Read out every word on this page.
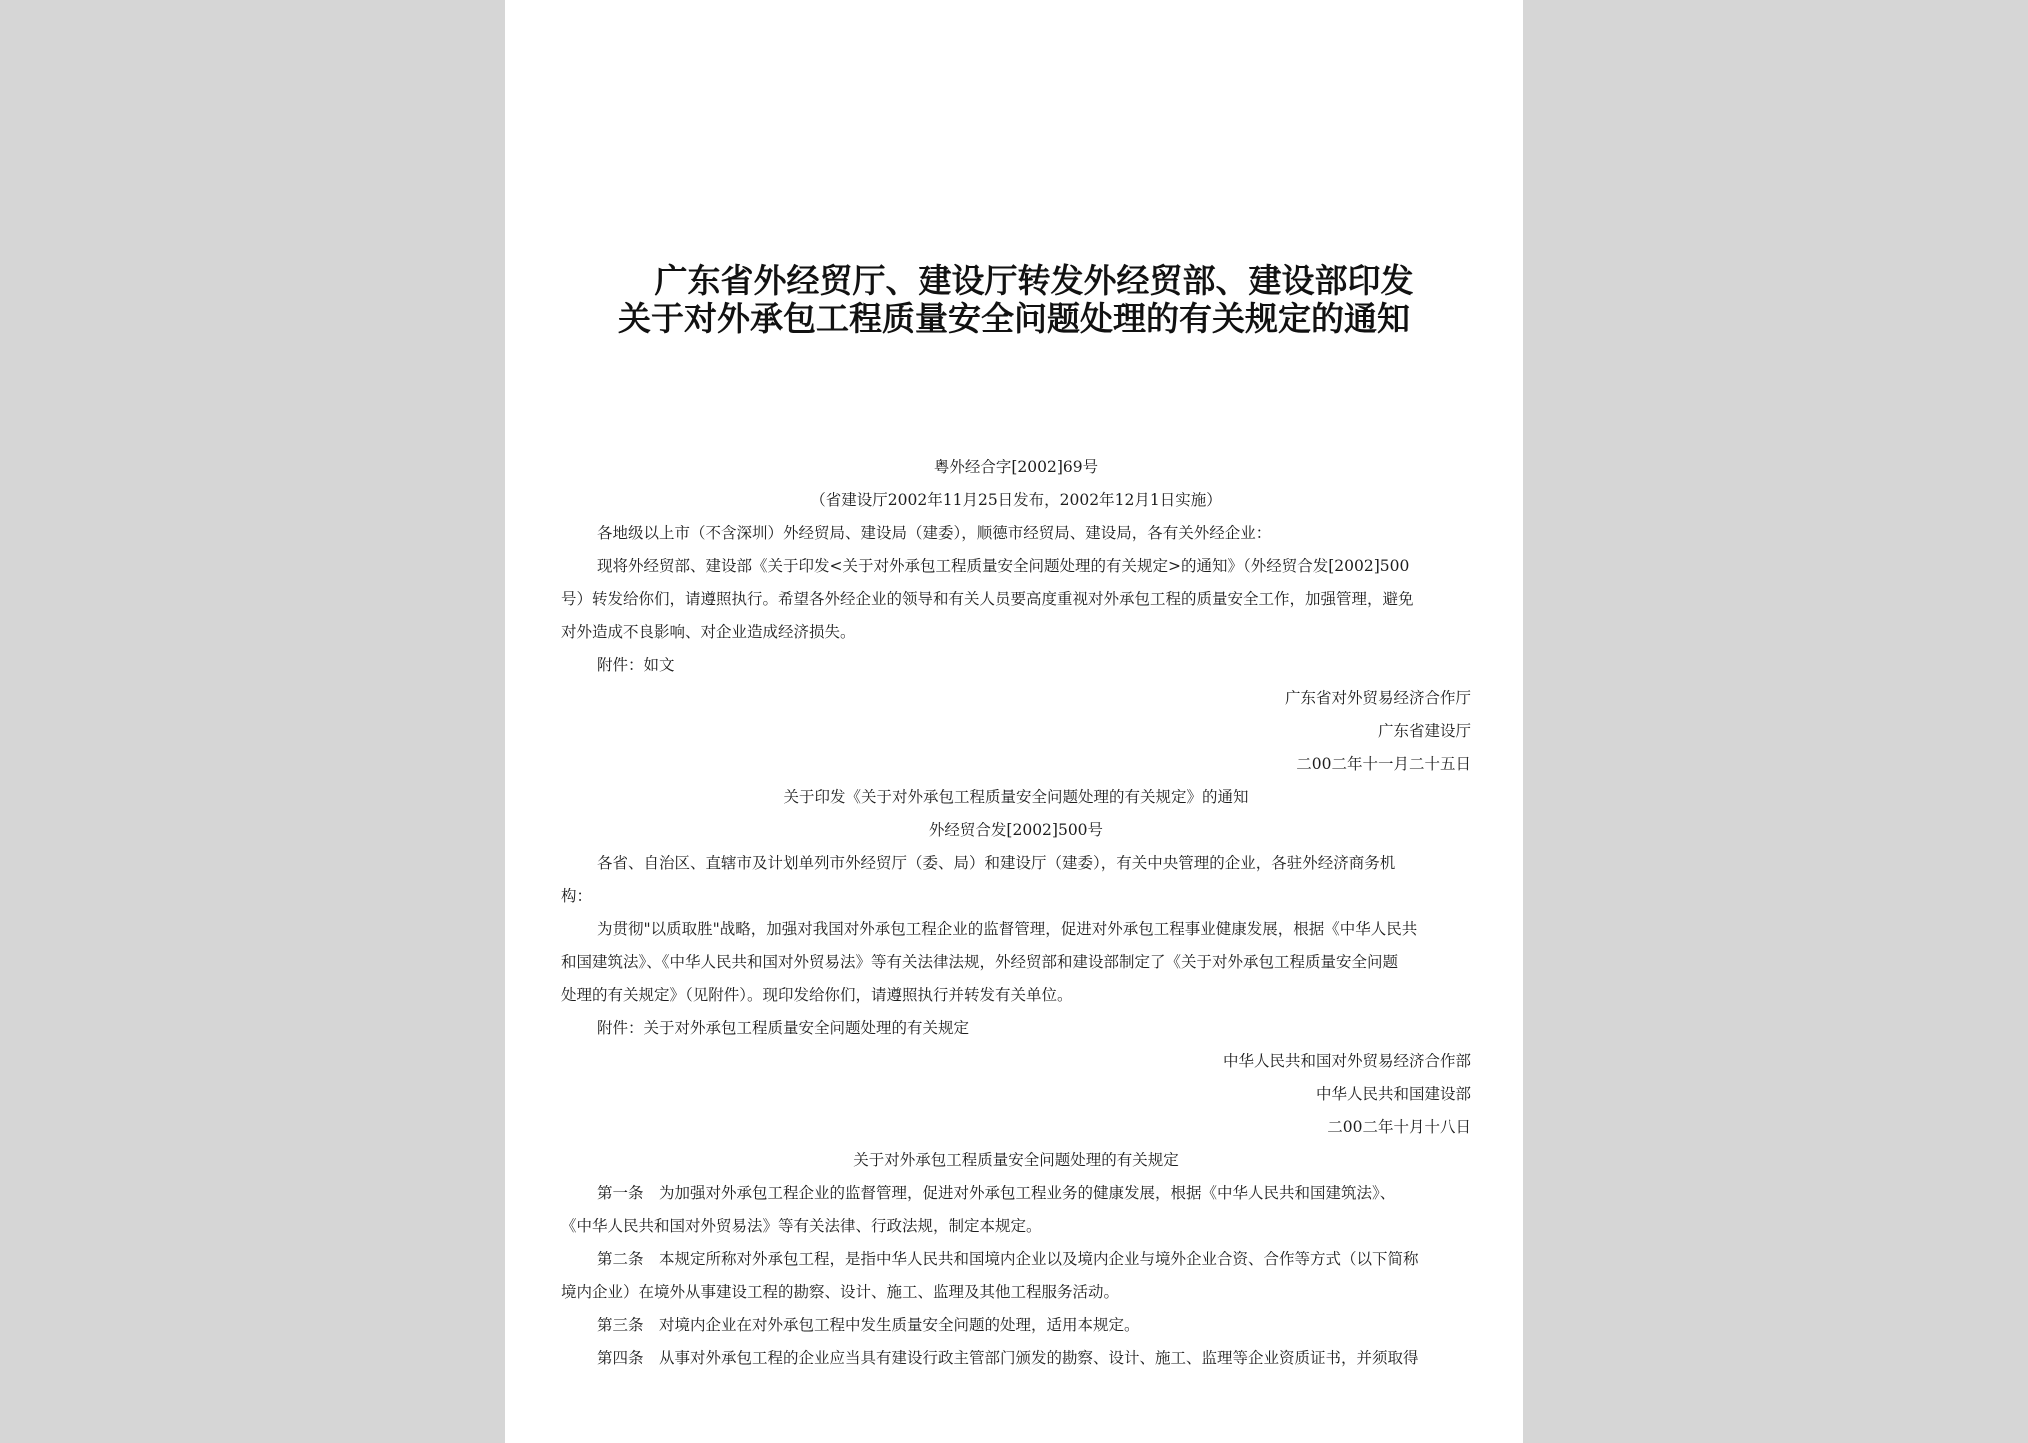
广东省外经贸厅、建设厅转发外经贸部、建设部印发
关于对外承包工程质量安全问题处理的有关规定的通知
粤外经合字[2002]69号
（省建设厅2002年11月25日发布，2002年12月1日实施）
各地级以上市（不含深圳）外经贸局、建设局（建委），顺德市经贸局、建设局，各有关外经企业：
现将外经贸部、建设部《关于印发<关于对外承包工程质量安全问题处理的有关规定>的通知》（外经贸合发[2002]500
号）转发给你们，请遵照执行。希望各外经企业的领导和有关人员要高度重视对外承包工程的质量安全工作，加强管理，避免
对外造成不良影响、对企业造成经济损失。
附件：如文
广东省对外贸易经济合作厅
广东省建设厅
二00二年十一月二十五日
关于印发《关于对外承包工程质量安全问题处理的有关规定》的通知
外经贸合发[2002]500号
各省、自治区、直辖市及计划单列市外经贸厅（委、局）和建设厅（建委），有关中央管理的企业，各驻外经济商务机
构：
为贯彻"以质取胜"战略，加强对我国对外承包工程企业的监督管理，促进对外承包工程事业健康发展，根据《中华人民共
和国建筑法》、《中华人民共和国对外贸易法》等有关法律法规，外经贸部和建设部制定了《关于对外承包工程质量安全问题
处理的有关规定》（见附件）。现印发给你们，请遵照执行并转发有关单位。
附件：关于对外承包工程质量安全问题处理的有关规定
中华人民共和国对外贸易经济合作部
中华人民共和国建设部
二00二年十月十八日
关于对外承包工程质量安全问题处理的有关规定
第一条　为加强对外承包工程企业的监督管理，促进对外承包工程业务的健康发展，根据《中华人民共和国建筑法》、
《中华人民共和国对外贸易法》等有关法律、行政法规，制定本规定。
第二条　本规定所称对外承包工程，是指中华人民共和国境内企业以及境内企业与境外企业合资、合作等方式（以下简称
境内企业）在境外从事建设工程的勘察、设计、施工、监理及其他工程服务活动。
第三条　对境内企业在对外承包工程中发生质量安全问题的处理，适用本规定。
第四条　从事对外承包工程的企业应当具有建设行政主管部门颁发的勘察、设计、施工、监理等企业资质证书，并须取得
